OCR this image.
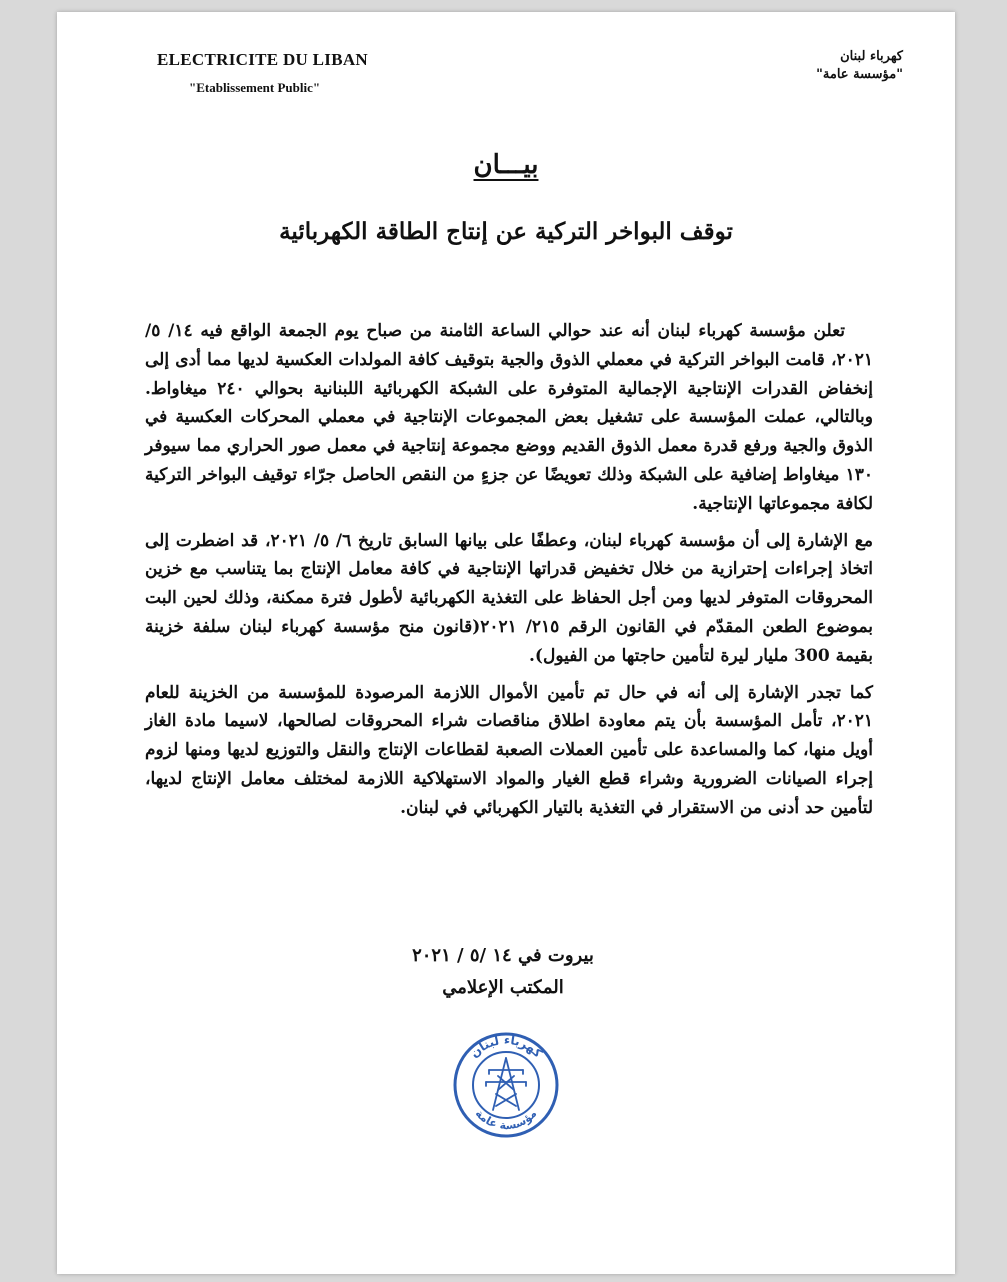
ELECTRICITE DU LIBAN
"Etablissement Public"
كهرباء لبنان
"مؤسسة عامة"
بيـــان
توقف البواخر التركية عن إنتاج الطاقة الكهربائية

تعلن مؤسسة كهرباء لبنان أنه عند حوالي الساعة الثامنة من صباح يوم الجمعة الواقع فيه ١٤/ ٥/ ٢٠٢١، قامت البواخر التركية في معملي الذوق والجية بتوقيف كافة المولدات العكسية لديها مما أدى إلى إنخفاض القدرات الإنتاجية الإجمالية المتوفرة على الشبكة الكهربائية اللبنانية بحوالي ٢٤٠ ميغاواط. وبالتالي، عملت المؤسسة على تشغيل بعض المجموعات الإنتاجية في معملي المحركات العكسية في الذوق والجية ورفع قدرة معمل الذوق القديم ووضع مجموعة إنتاجية في معمل صور الحراري مما سيوفر ١٣٠ ميغاواط إضافية على الشبكة وذلك تعويضًا عن جزءٍ من النقص الحاصل جرّاء توقيف البواخر التركية لكافة مجموعاتها الإنتاجية.

مع الإشارة إلى أن مؤسسة كهرباء لبنان، وعطفًا على بيانها السابق تاريخ ٦/ ٥/ ٢٠٢١، قد اضطرت إلى اتخاذ إجراءات إحترازية من خلال تخفيض قدراتها الإنتاجية في كافة معامل الإنتاج بما يتناسب مع خزين المحروقات المتوفر لديها ومن أجل الحفاظ على التغذية الكهربائية لأطول فترة ممكنة، وذلك لحين البت بموضوع الطعن المقدّم في القانون الرقم ٢١٥/ ٢٠٢١(قانون منح مؤسسة كهرباء لبنان سلفة خزينة بقيمة 300 مليار ليرة لتأمين حاجتها من الفيول).

كما تجدر الإشارة إلى أنه في حال تم تأمين الأموال اللازمة المرصودة للمؤسسة من الخزينة للعام ٢٠٢١، تأمل المؤسسة بأن يتم معاودة اطلاق مناقصات شراء المحروقات لصالحها، لاسيما مادة الغاز أويل منها، كما والمساعدة على تأمين العملات الصعبة لقطاعات الإنتاج والنقل والتوزيع لديها ومنها لزوم إجراء الصيانات الضرورية وشراء قطع الغيار والمواد الاستهلاكية اللازمة لمختلف معامل الإنتاج لديها، لتأمين حد أدنى من الاستقرار في التغذية بالتيار الكهربائي في لبنان.

بيروت في ١٤ /٥ / ٢٠٢١
المكتب الإعلامي
كهرباء لبنان
مؤسسة عامة
